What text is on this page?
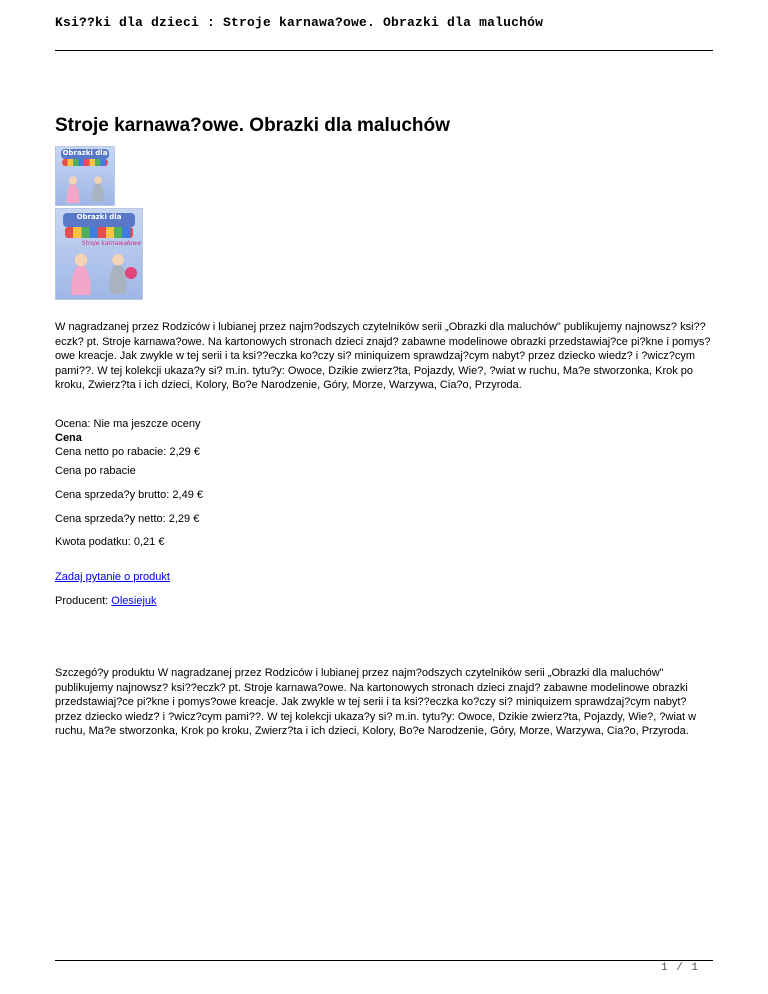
Ksi??ki dla dzieci : Stroje karnawa?owe. Obrazki dla maluchów
Stroje karnawa?owe. Obrazki dla maluchów
Obrazki dla
Obrazki dla
Stroje karnawałowe

W nagradzanej przez Rodziców i lubianej przez najm?odszych czytelników serii „Obrazki dla maluchów" publikujemy najnowsz? ksi??eczk? pt. Stroje karnawa?owe. Na kartonowych stronach dzieci znajd? zabawne modelinowe obrazki przedstawiaj?ce pi?kne i pomys?owe kreacje. Jak zwykle w tej serii i ta ksi??eczka ko?czy si? miniquizem sprawdzaj?cym nabyt? przez dziecko wiedz? i ?wicz?cym pami??. W tej kolekcji ukaza?y si? m.in. tytu?y: Owoce, Dzikie zwierz?ta, Pojazdy, Wie?, ?wiat w ruchu, Ma?e stworzonka, Krok po kroku, Zwierz?ta i ich dzieci, Kolory, Bo?e Narodzenie, Góry, Morze, Warzywa, Cia?o, Przyroda.

Ocena: Nie ma jeszcze oceny
Cena
Cena netto po rabacie: 2,29 €
Cena po rabacie
Cena sprzeda?y brutto: 2,49 €
Cena sprzeda?y netto: 2,29 €
Kwota podatku: 0,21 €
Zadaj pytanie o produkt
Producent: Olesiejuk

Szczegó?y produktu W nagradzanej przez Rodziców i lubianej przez najm?odszych czytelników serii „Obrazki dla maluchów" publikujemy najnowsz? ksi??eczk? pt. Stroje karnawa?owe. Na kartonowych stronach dzieci znajd? zabawne modelinowe obrazki przedstawiaj?ce pi?kne i pomys?owe kreacje. Jak zwykle w tej serii i ta ksi??eczka ko?czy si? miniquizem sprawdzaj?cym nabyt? przez dziecko wiedz? i ?wicz?cym pami??. W tej kolekcji ukaza?y si? m.in. tytu?y: Owoce, Dzikie zwierz?ta, Pojazdy, Wie?, ?wiat w ruchu, Ma?e stworzonka, Krok po kroku, Zwierz?ta i ich dzieci, Kolory, Bo?e Narodzenie, Góry, Morze, Warzywa, Cia?o, Przyroda.

1 / 1
